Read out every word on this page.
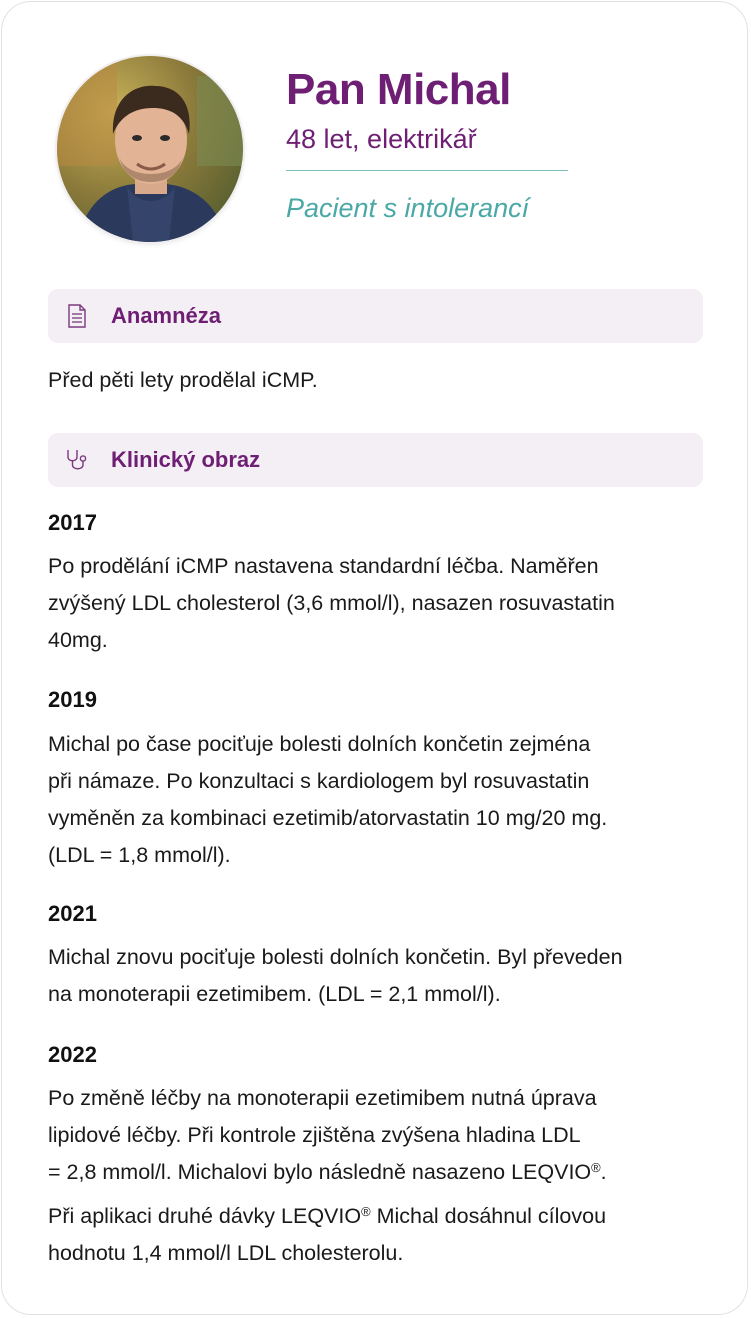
Pan Michal
48 let, elektrikář
Pacient s intolerancí
Anamnéza
Před pěti lety prodělal iCMP.
Klinický obraz
2017
Po prodělání iCMP nastavena standardní léčba. Naměřen
zvýšený LDL cholesterol (3,6 mmol/l), nasazen rosuvastatin
40mg.
2019
Michal po čase pociťuje bolesti dolních končetin zejména
při námaze. Po konzultaci s kardiologem byl rosuvastatin
vyměněn za kombinaci ezetimib/atorvastatin 10 mg/20 mg.
(LDL = 1,8 mmol/l).
2021
Michal znovu pociťuje bolesti dolních končetin. Byl převeden
na monoterapii ezetimibem. (LDL = 2,1 mmol/l).
2022
Po změně léčby na monoterapii ezetimibem nutná úprava
lipidové léčby. Při kontrole zjištěna zvýšena hladina LDL
= 2,8 mmol/l. Michalovi bylo následně nasazeno LEQVIO®.
Při aplikaci druhé dávky LEQVIO® Michal dosáhnul cílovou
hodnotu 1,4 mmol/l LDL cholesterolu.
